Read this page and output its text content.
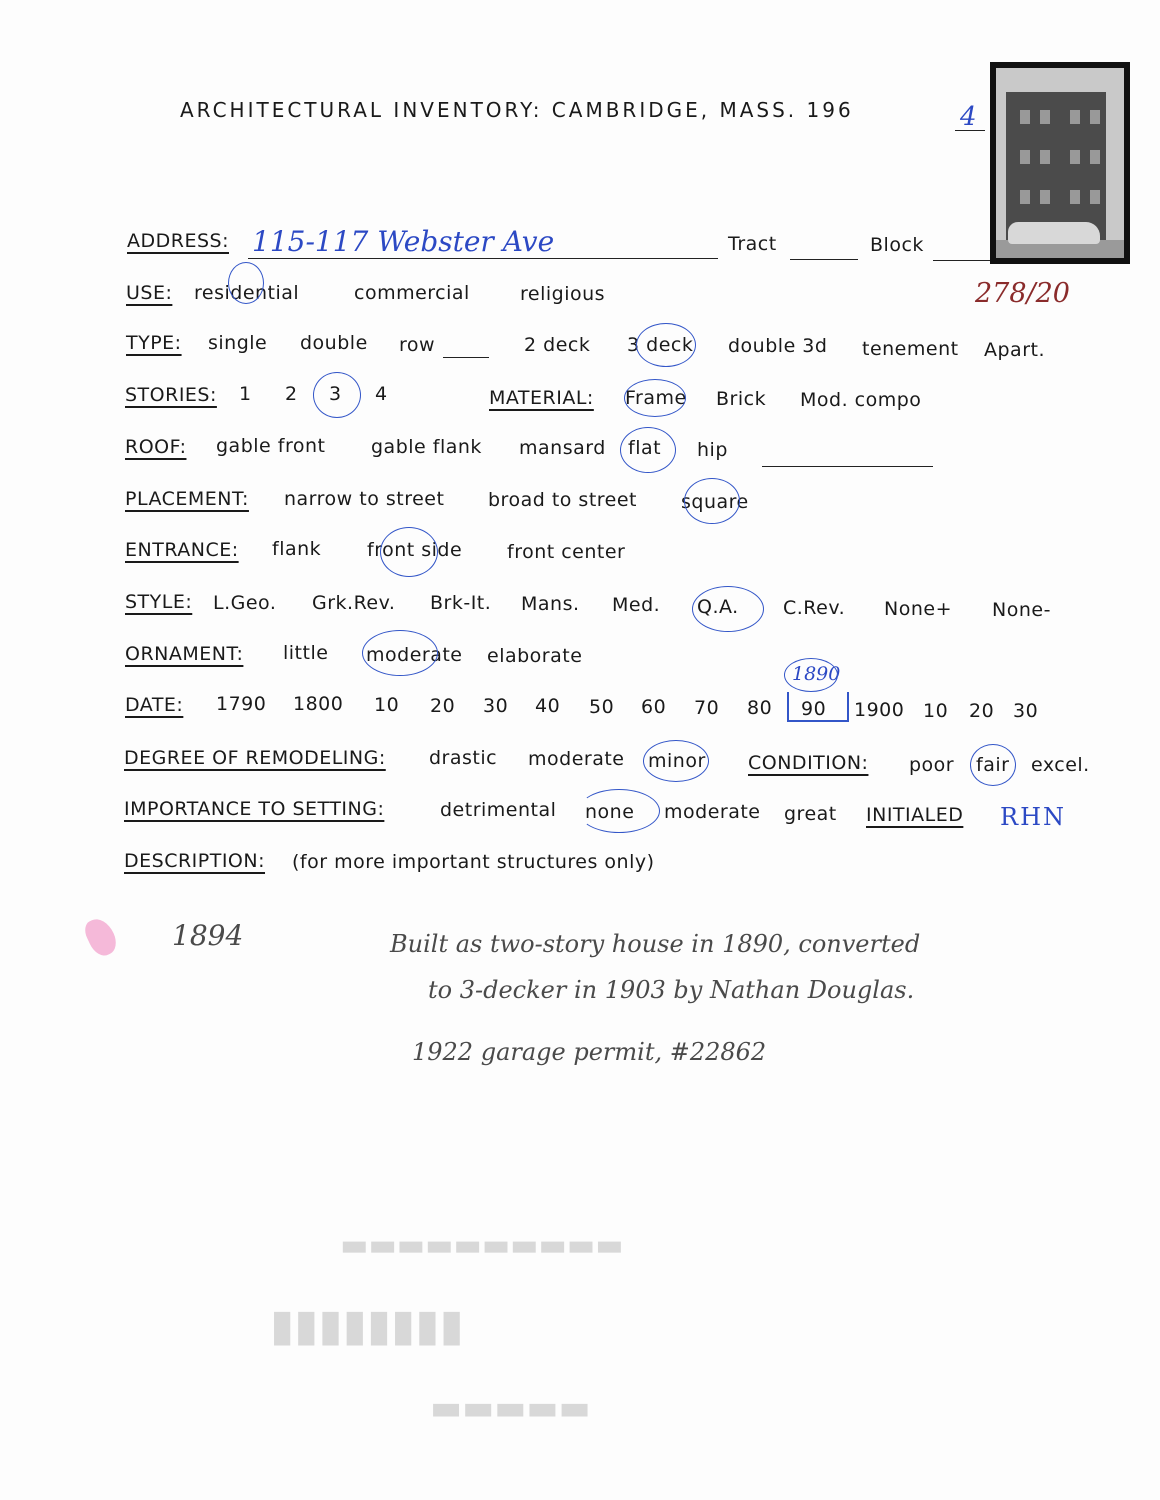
ARCHITECTURAL INVENTORY: CAMBRIDGE, MASS. 196	4
ADDRESS: 115-117 Webster Ave	Tract	Block
278/20
USE: residential	commercial	religious
TYPE: single double row	2 deck 3 deck double 3d tenement Apart.
STORIES: 1 2 3 4	MATERIAL: Frame Brick Mod. compo
ROOF: gable front gable flank mansard flat hip
PLACEMENT: narrow to street broad to street square
ENTRANCE: flank front side front center
STYLE: L.Geo. Grk.Rev. Brk-It. Mans. Med. Q.A. C.Rev. None+ None-
ORNAMENT: little moderate elaborate
DATE: 1790 1800 10 20 30 40 50 60 70 80 90
1890
1900 10 20 30
DEGREE OF REMODELING: drastic moderate minor CONDITION: poor fair excel.
IMPORTANCE TO SETTING:	detrimental none moderate great INITIALED RHN
DESCRIPTION: (for more important structures only)
1894	Built as two-story house in 1890, converted
to 3-decker in 1903 by Nathan Douglas.
1922 garage permit, #22862
▬▬▬▬▬▬▬▬▬▬
▮▮▮▮▮▮▮▮
▬▬▬▬▬
